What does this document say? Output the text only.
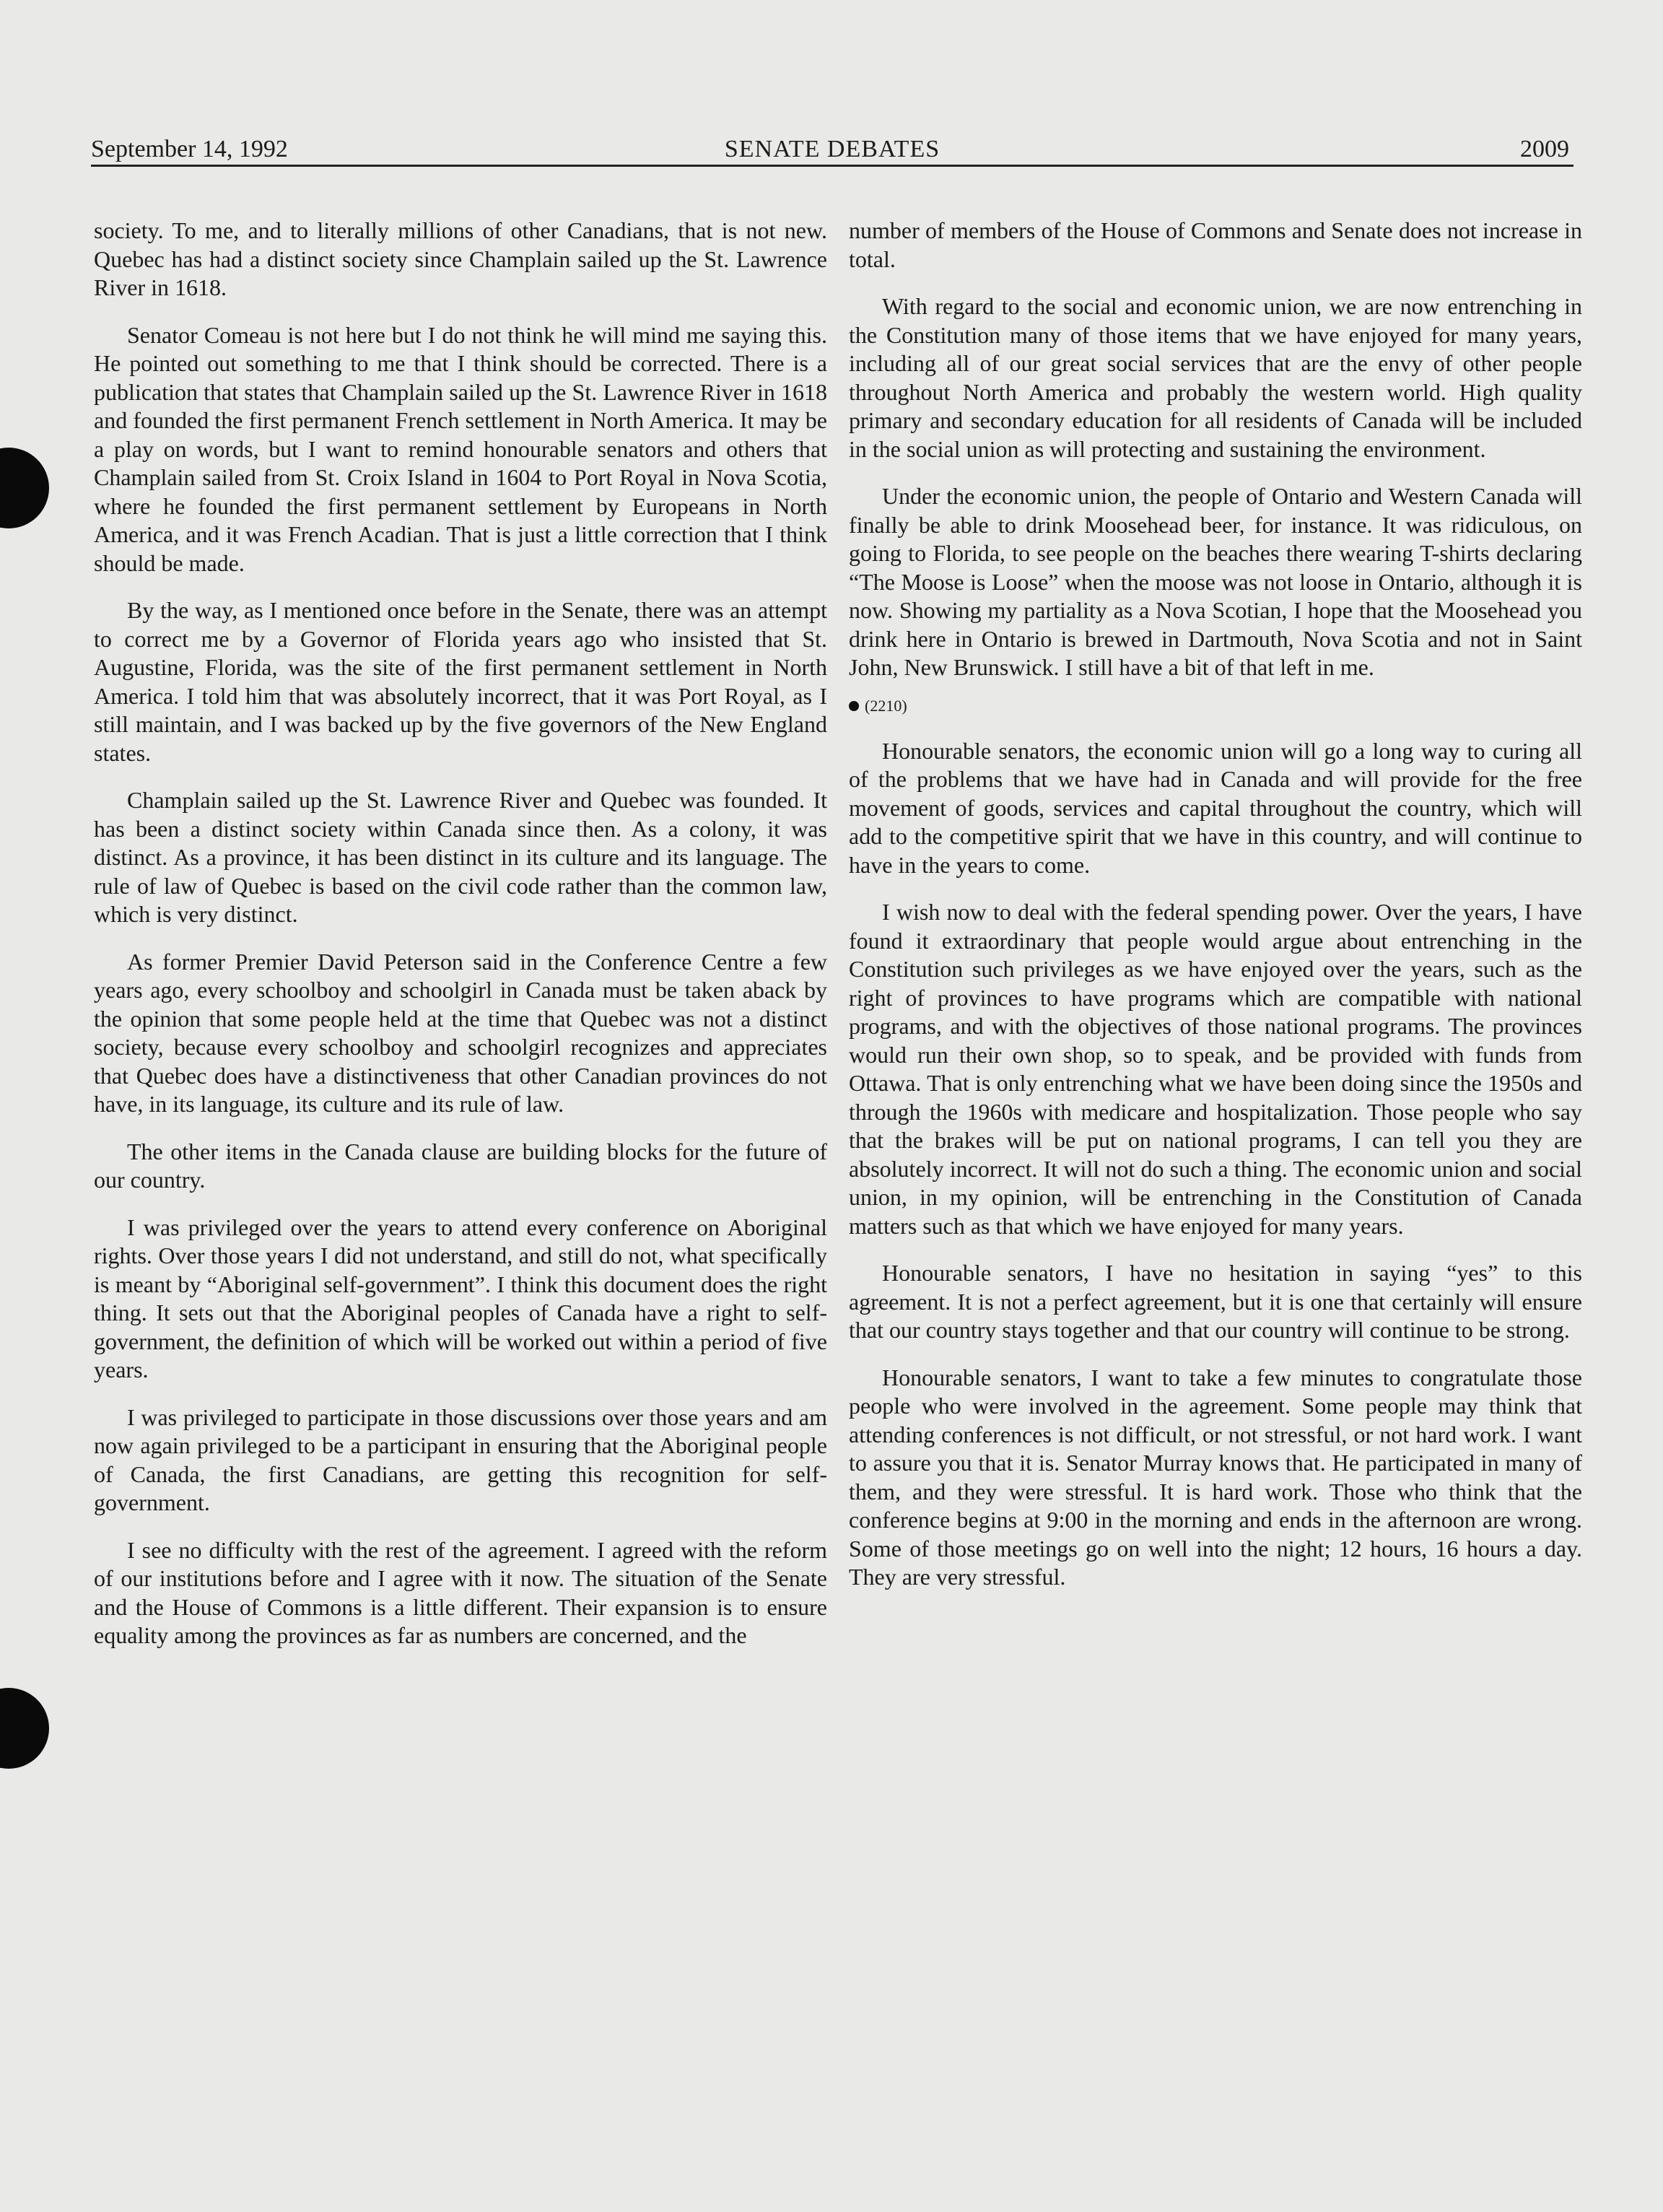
September 14, 1992	SENATE DEBATES	2009

society. To me, and to literally millions of other Canadians, that is not new. Quebec has had a distinct society since Champlain sailed up the St. Lawrence River in 1618.

Senator Comeau is not here but I do not think he will mind me saying this. He pointed out something to me that I think should be corrected. There is a publication that states that Champlain sailed up the St. Lawrence River in 1618 and founded the first permanent French settlement in North America. It may be a play on words, but I want to remind honourable senators and others that Champlain sailed from St. Croix Island in 1604 to Port Royal in Nova Scotia, where he founded the first permanent settlement by Europeans in North America, and it was French Acadian. That is just a little correction that I think should be made.

By the way, as I mentioned once before in the Senate, there was an attempt to correct me by a Governor of Florida years ago who insisted that St. Augustine, Florida, was the site of the first permanent settlement in North America. I told him that was absolutely incorrect, that it was Port Royal, as I still maintain, and I was backed up by the five governors of the New England states.

Champlain sailed up the St. Lawrence River and Quebec was founded. It has been a distinct society within Canada since then. As a colony, it was distinct. As a province, it has been distinct in its culture and its language. The rule of law of Quebec is based on the civil code rather than the common law, which is very distinct.

As former Premier David Peterson said in the Conference Centre a few years ago, every schoolboy and schoolgirl in Canada must be taken aback by the opinion that some people held at the time that Quebec was not a distinct society, because every schoolboy and schoolgirl recognizes and appreciates that Quebec does have a distinctiveness that other Canadian provinces do not have, in its language, its culture and its rule of law.

The other items in the Canada clause are building blocks for the future of our country.

I was privileged over the years to attend every conference on Aboriginal rights. Over those years I did not understand, and still do not, what specifically is meant by “Aboriginal self-government”. I think this document does the right thing. It sets out that the Aboriginal peoples of Canada have a right to self-government, the definition of which will be worked out within a period of five years.

I was privileged to participate in those discussions over those years and am now again privileged to be a participant in ensuring that the Aboriginal people of Canada, the first Canadians, are getting this recognition for self-government.

I see no difficulty with the rest of the agreement. I agreed with the reform of our institutions before and I agree with it now. The situation of the Senate and the House of Commons is a little different. Their expansion is to ensure equality among the provinces as far as numbers are concerned, and the

number of members of the House of Commons and Senate does not increase in total.

With regard to the social and economic union, we are now entrenching in the Constitution many of those items that we have enjoyed for many years, including all of our great social services that are the envy of other people throughout North America and probably the western world. High quality primary and secondary education for all residents of Canada will be included in the social union as will protecting and sustaining the environment.

Under the economic union, the people of Ontario and Western Canada will finally be able to drink Moosehead beer, for instance. It was ridiculous, on going to Florida, to see people on the beaches there wearing T-shirts declaring “The Moose is Loose” when the moose was not loose in Ontario, although it is now. Showing my partiality as a Nova Scotian, I hope that the Moosehead you drink here in Ontario is brewed in Dartmouth, Nova Scotia and not in Saint John, New Brunswick. I still have a bit of that left in me.

(2210)

Honourable senators, the economic union will go a long way to curing all of the problems that we have had in Canada and will provide for the free movement of goods, services and capital throughout the country, which will add to the competitive spirit that we have in this country, and will continue to have in the years to come.

I wish now to deal with the federal spending power. Over the years, I have found it extraordinary that people would argue about entrenching in the Constitution such privileges as we have enjoyed over the years, such as the right of provinces to have programs which are compatible with national programs, and with the objectives of those national programs. The provinces would run their own shop, so to speak, and be provided with funds from Ottawa. That is only entrenching what we have been doing since the 1950s and through the 1960s with medicare and hospitalization. Those people who say that the brakes will be put on national programs, I can tell you they are absolutely incorrect. It will not do such a thing. The economic union and social union, in my opinion, will be entrenching in the Constitution of Canada matters such as that which we have enjoyed for many years.

Honourable senators, I have no hesitation in saying “yes” to this agreement. It is not a perfect agreement, but it is one that certainly will ensure that our country stays together and that our country will continue to be strong.

Honourable senators, I want to take a few minutes to congratulate those people who were involved in the agreement. Some people may think that attending conferences is not difficult, or not stressful, or not hard work. I want to assure you that it is. Senator Murray knows that. He participated in many of them, and they were stressful. It is hard work. Those who think that the conference begins at 9:00 in the morning and ends in the afternoon are wrong. Some of those meetings go on well into the night; 12 hours, 16 hours a day. They are very stressful.
